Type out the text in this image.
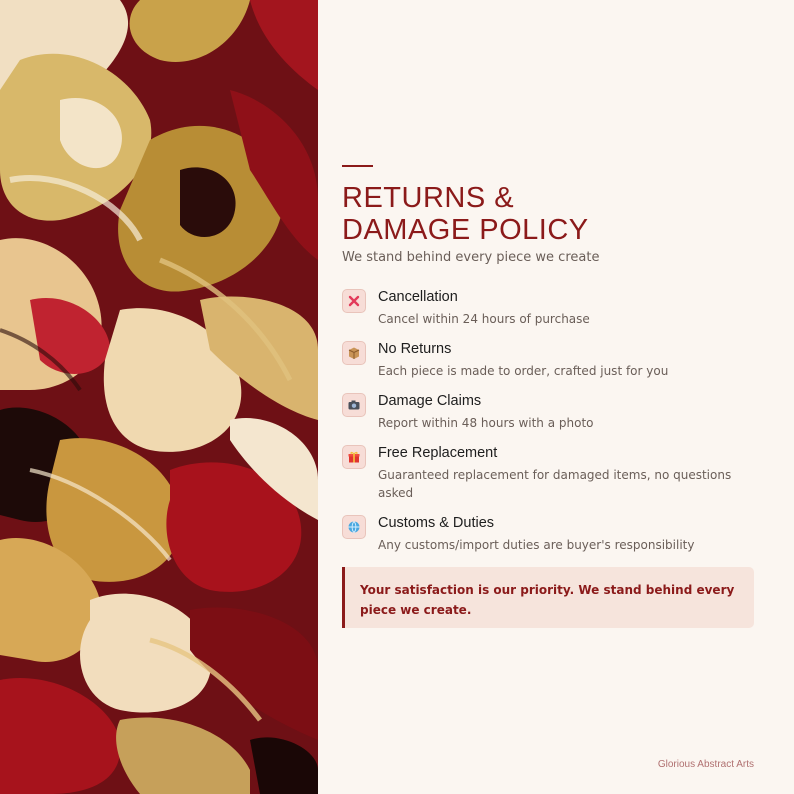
RETURNS &
DAMAGE POLICY
We stand behind every piece we create
Cancellation
Cancel within 24 hours of purchase
No Returns
Each piece is made to order, crafted just for you
Damage Claims
Report within 48 hours with a photo
Free Replacement
Guaranteed replacement for damaged items, no questions asked
Customs & Duties
Any customs/import duties are buyer's responsibility
Your satisfaction is our priority. We stand behind every piece we create.
Glorious Abstract Arts
